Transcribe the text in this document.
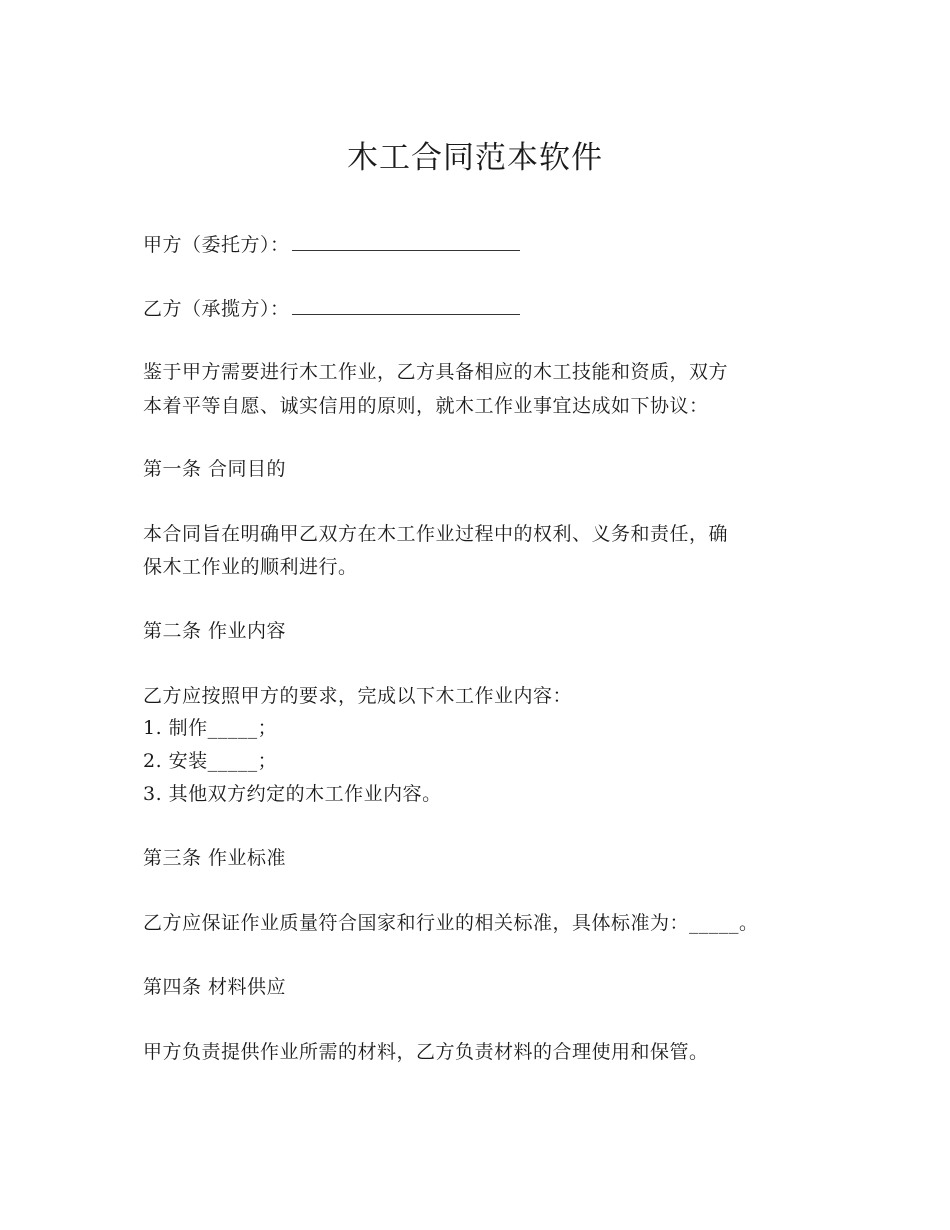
木工合同范本软件
甲方（委托方）：
乙方（承揽方）：
鉴于甲方需要进行木工作业，乙方具备相应的木工技能和资质，双方
本着平等自愿、诚实信用的原则，就木工作业事宜达成如下协议：
第一条 合同目的
本合同旨在明确甲乙双方在木工作业过程中的权利、义务和责任，确
保木工作业的顺利进行。
第二条 作业内容
乙方应按照甲方的要求，完成以下木工作业内容：
1. 制作_____；
2. 安装_____；
3. 其他双方约定的木工作业内容。
第三条 作业标准
乙方应保证作业质量符合国家和行业的相关标准，具体标准为：_____。
第四条 材料供应
甲方负责提供作业所需的材料，乙方负责材料的合理使用和保管。
